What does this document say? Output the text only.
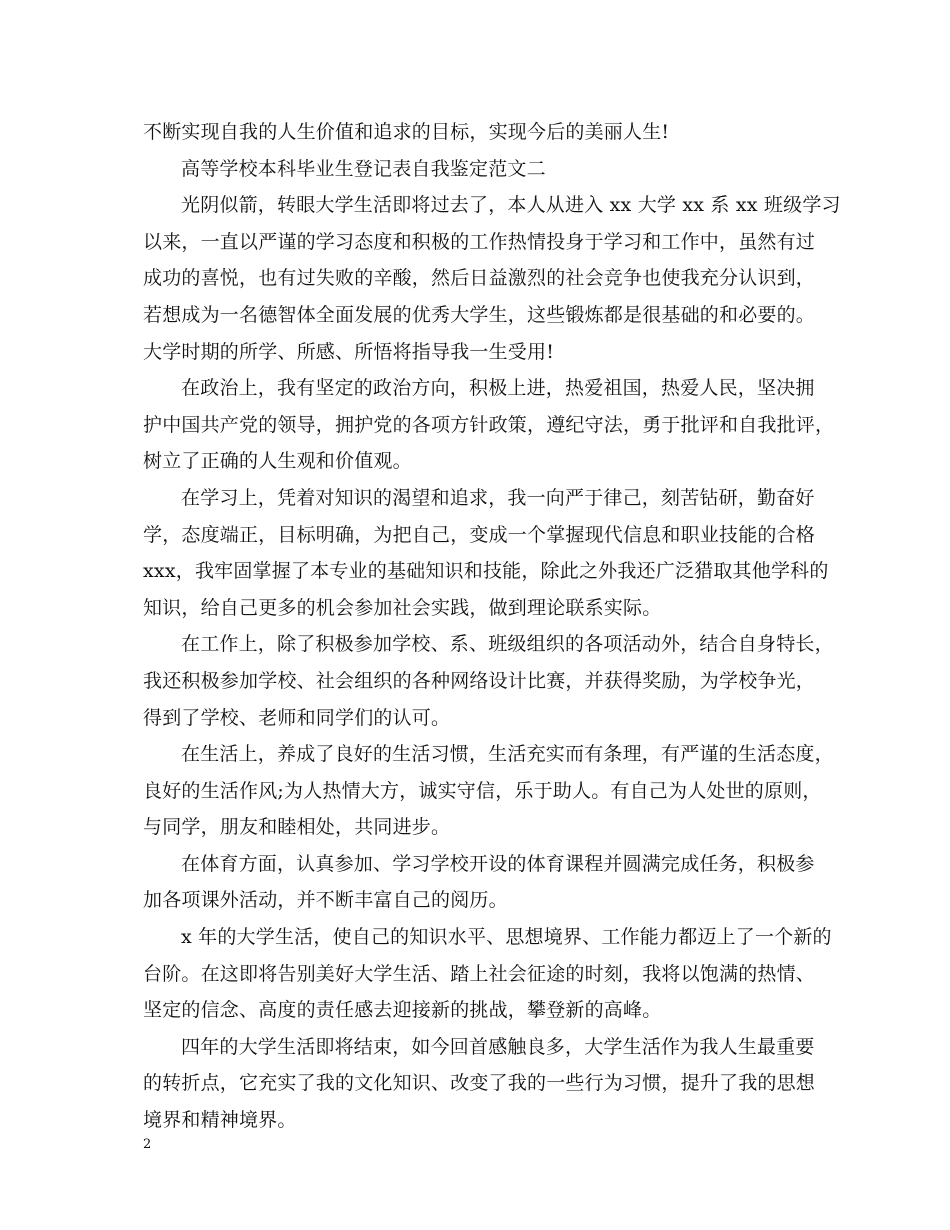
不断实现自我的人生价值和追求的目标，实现今后的美丽人生!
高等学校本科毕业生登记表自我鉴定范文二
光阴似箭，转眼大学生活即将过去了，本人从进入 xx 大学 xx 系 xx 班级学习
以来，一直以严谨的学习态度和积极的工作热情投身于学习和工作中，虽然有过
成功的喜悦，也有过失败的辛酸，然后日益激烈的社会竞争也使我充分认识到，
若想成为一名德智体全面发展的优秀大学生，这些锻炼都是很基础的和必要的。
大学时期的所学、所感、所悟将指导我一生受用!
在政治上，我有坚定的政治方向，积极上进，热爱祖国，热爱人民，坚决拥
护中国共产党的领导，拥护党的各项方针政策，遵纪守法，勇于批评和自我批评，
树立了正确的人生观和价值观。
在学习上，凭着对知识的渴望和追求，我一向严于律己，刻苦钻研，勤奋好
学，态度端正，目标明确，为把自己，变成一个掌握现代信息和职业技能的合格
xxx，我牢固掌握了本专业的基础知识和技能，除此之外我还广泛猎取其他学科的
知识，给自己更多的机会参加社会实践，做到理论联系实际。
在工作上，除了积极参加学校、系、班级组织的各项活动外，结合自身特长，
我还积极参加学校、社会组织的各种网络设计比赛，并获得奖励，为学校争光，
得到了学校、老师和同学们的认可。
在生活上，养成了良好的生活习惯，生活充实而有条理，有严谨的生活态度，
良好的生活作风;为人热情大方，诚实守信，乐于助人。有自己为人处世的原则，
与同学，朋友和睦相处，共同进步。
在体育方面，认真参加、学习学校开设的体育课程并圆满完成任务，积极参
加各项课外活动，并不断丰富自己的阅历。
x 年的大学生活，使自己的知识水平、思想境界、工作能力都迈上了一个新的
台阶。在这即将告别美好大学生活、踏上社会征途的时刻，我将以饱满的热情、
坚定的信念、高度的责任感去迎接新的挑战，攀登新的高峰。
四年的大学生活即将结束，如今回首感触良多，大学生活作为我人生最重要
的转折点，它充实了我的文化知识、改变了我的一些行为习惯，提升了我的思想
境界和精神境界。
2
